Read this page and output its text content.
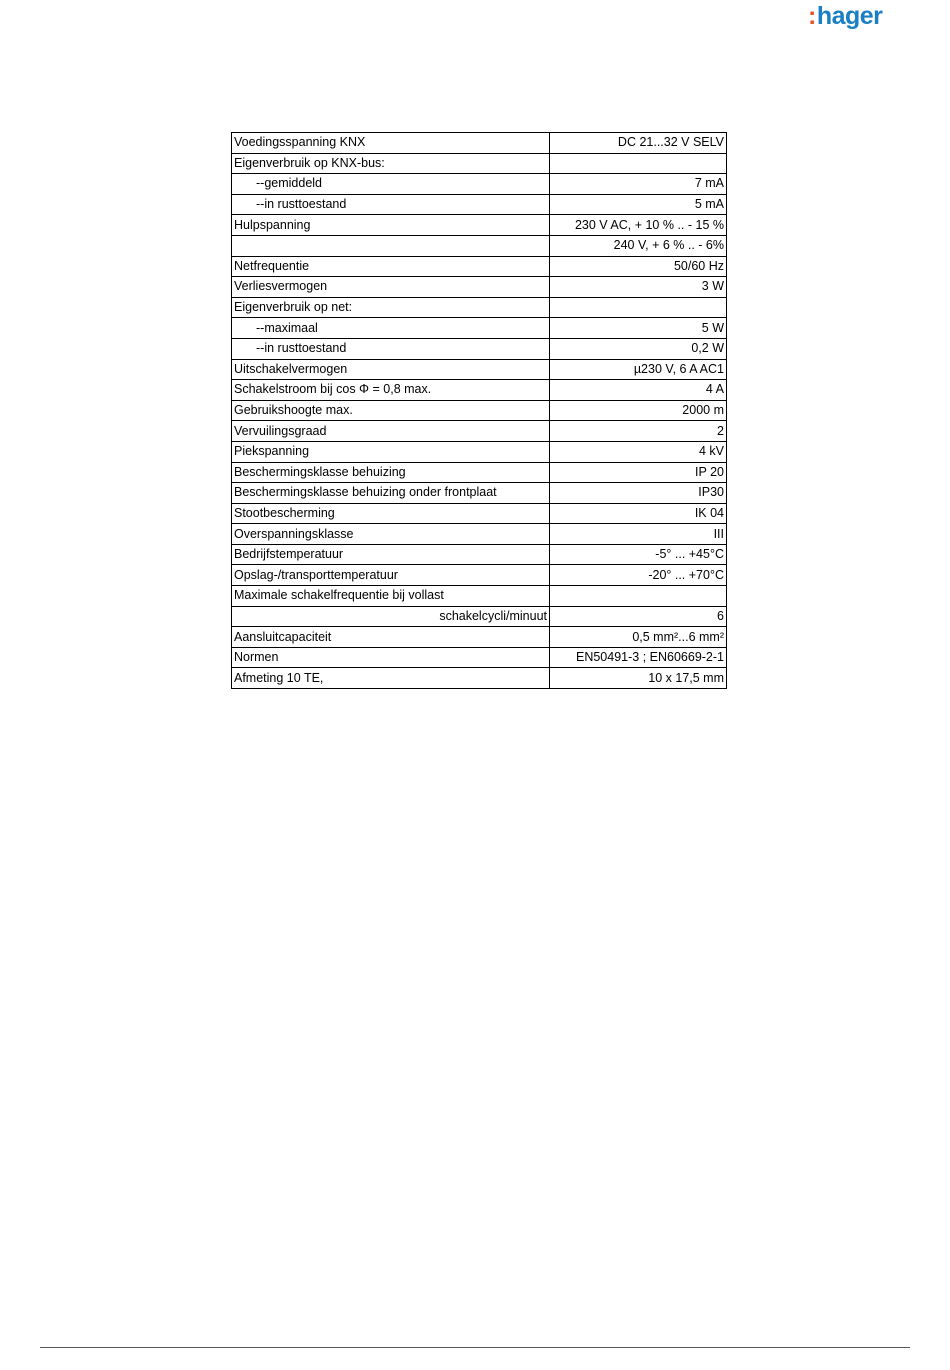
: hager
Voedingsspanning KNX	DC 21...32 V SELV
Eigenverbruik op KNX-bus:	
--gemiddeld	7 mA
--in rusttoestand	5 mA
Hulpspanning	230 V AC, + 10 % .. - 15 %
	240 V, + 6 % .. - 6%
Netfrequentie	50/60 Hz
Verliesvermogen	3 W
Eigenverbruik op net:	
--maximaal	5 W
--in rusttoestand	0,2 W
Uitschakelvermogen	µ230 V, 6 A AC1
Schakelstroom bij cos Φ = 0,8 max.	4 A
Gebruikshoogte max.	2000 m
Vervuilingsgraad	2
Piekspanning	4 kV
Beschermingsklasse behuizing	IP 20
Beschermingsklasse behuizing onder frontplaat	IP30
Stootbescherming	IK 04
Overspanningsklasse	III
Bedrijfstemperatuur	-5° ... +45°C
Opslag-/transporttemperatuur	-20° ... +70°C
Maximale schakelfrequentie bij vollast	
schakelcycli/minuut	6
Aansluitcapaciteit	0,5 mm²...6 mm²
Normen	EN50491-3 ; EN60669-2-1
Afmeting 10 TE,	10 x 17,5 mm
